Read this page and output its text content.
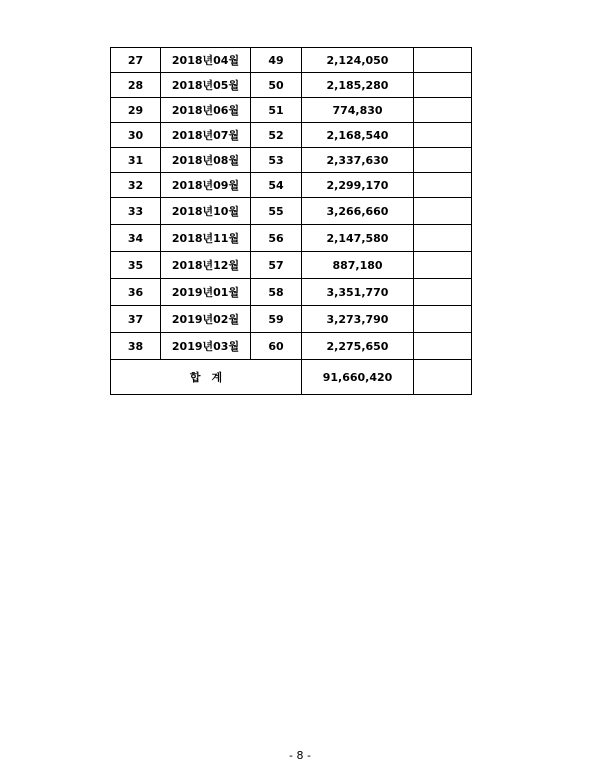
27	2018년04월	49	2,124,050	
28	2018년05월	50	2,185,280	
29	2018년06월	51	774,830	
30	2018년07월	52	2,168,540	
31	2018년08월	53	2,337,630	
32	2018년09월	54	2,299,170	
33	2018년10월	55	3,266,660	
34	2018년11월	56	2,147,580	
35	2018년12월	57	887,180	
36	2019년01월	58	3,351,770	
37	2019년02월	59	3,273,790	
38	2019년03월	60	2,275,650	
합　계			91,660,420	
- 8 -
